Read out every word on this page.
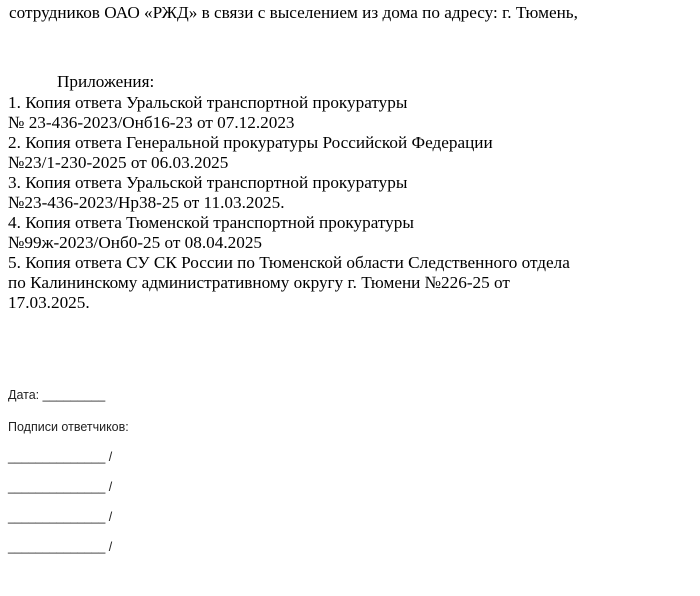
сотрудников ОАО «РЖД» в связи с выселением из дома по адресу: г. Тюмень,
Приложения:
1. Копия ответа Уральской транспортной прокуратуры
№ 23-436-2023/Онб16-23 от 07.12.2023
2. Копия ответа Генеральной прокуратуры Российской Федерации
№23/1-230-2025 от 06.03.2025
3. Копия ответа Уральской транспортной прокуратуры
№23-436-2023/Нр38-25 от 11.03.2025.
4. Копия ответа Тюменской транспортной прокуратуры
№99ж-2023/Онб0-25 от 08.04.2025
5. Копия ответа СУ СК России по Тюменской области Следственного отдела
по Калининскому административному округу г. Тюмени №226-25 от
17.03.2025.
Дата: _________
Подписи ответчиков:
______________ /
______________ /
______________ /
______________ /
